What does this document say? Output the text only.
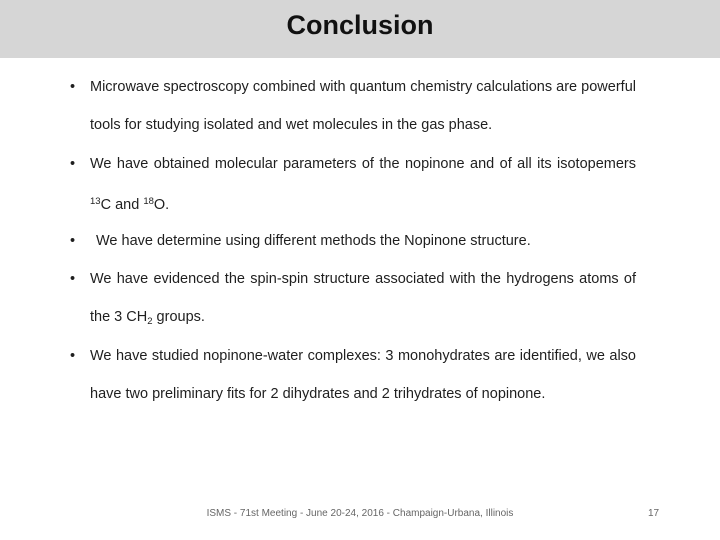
Conclusion
• Microwave spectroscopy combined with quantum chemistry calculations are powerful tools for studying isolated and wet molecules in the gas phase.
• We have obtained molecular parameters of the nopinone and of all its isotopemers $^{13}$C and $^{18}$O.
• We have determine using different methods the Nopinone structure.
• We have evidenced the spin-spin structure associated with the hydrogens atoms of the 3 $CH_2$ groups.
• We have studied nopinone-water complexes: 3 monohydrates are identified, we also have two preliminary fits for 2 dihydrates and 2 trihydrates of nopinone.
ISMS - 71st Meeting - June 20-24, 2016 - Champaign-Urbana, Illinois	17
